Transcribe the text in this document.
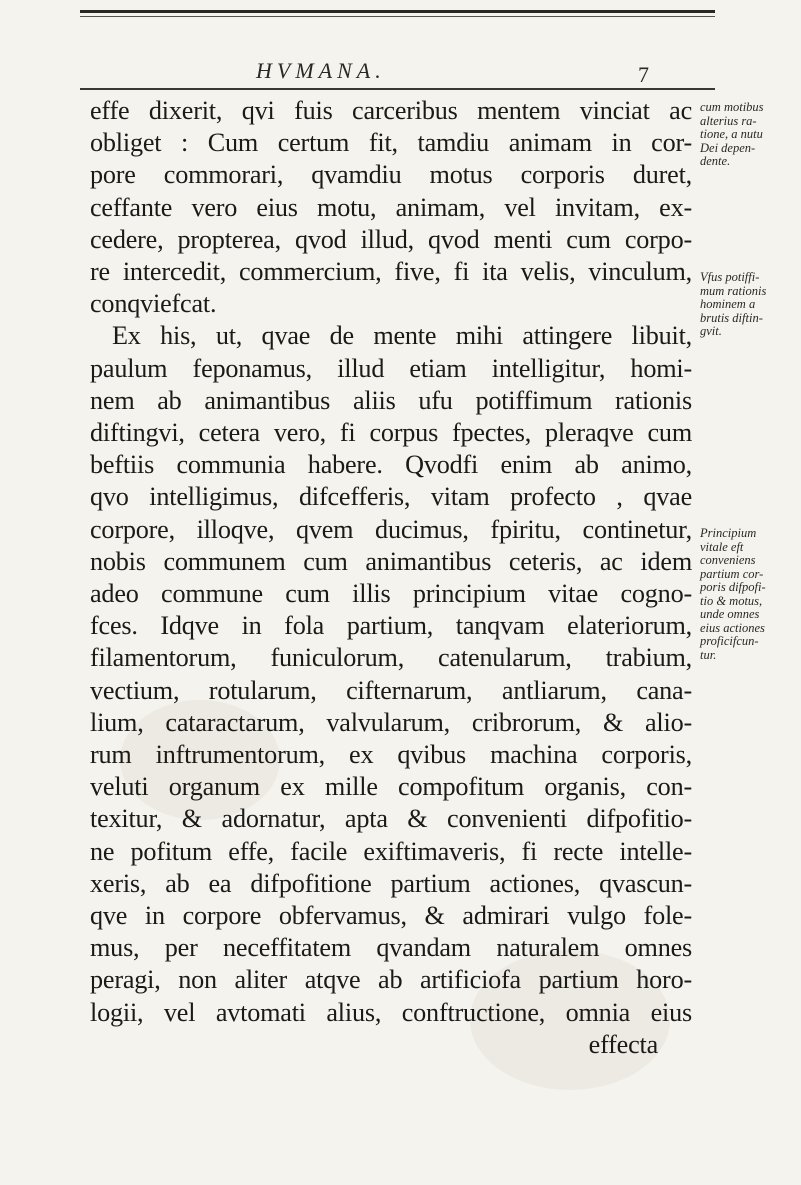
HVMANA.	7
effe dixerit, qvi fuis carceribus mentem vinciat ac
obliget : Cum certum fit, tamdiu animam in cor-
pore commorari, qvamdiu motus corporis duret,
ceffante vero eius motu, animam, vel invitam, ex-
cedere, propterea, qvod illud, qvod menti cum corpo-
re intercedit, commercium, five, fi ita velis, vinculum,
conqviefcat.
Ex his, ut, qvae de mente mihi attingere libuit,
paulum feponamus, illud etiam intelligitur, homi-
nem ab animantibus aliis ufu potiffimum rationis
diftingvi, cetera vero, fi corpus fpectes, pleraqve cum
beftiis communia habere. Qvodfi enim ab animo,
qvo intelligimus, difcefferis, vitam profecto , qvae
corpore, illoqve, qvem ducimus, fpiritu, continetur,
nobis communem cum animantibus ceteris, ac idem
adeo commune cum illis principium vitae cogno-
fces. Idqve in fola partium, tanqvam elateriorum,
filamentorum, funiculorum, catenularum, trabium,
vectium, rotularum, cifternarum, antliarum, cana-
lium, cataractarum, valvularum, cribrorum, & alio-
rum inftrumentorum, ex qvibus machina corporis,
veluti organum ex mille compofitum organis, con-
texitur, & adornatur, apta & convenienti difpofitio-
ne pofitum effe, facile exiftimaveris, fi recte intelle-
xeris, ab ea difpofitione partium actiones, qvascun-
qve in corpore obfervamus, & admirari vulgo fole-
mus, per neceffitatem qvandam naturalem omnes
peragi, non aliter atqve ab artificiofa partium horo-
logii, vel avtomati alius, conftructione, omnia eius
effecta
cum motibus
alterius ra-
tione, a nutu
Dei depen-
dente.
Vfus potiffi-
mum rationis
hominem a
brutis diftin-
gvit.
Principium
vitale eft
conveniens
partium cor-
poris difpofi-
tio & motus,
unde omnes
eius actiones
proficifcun-
tur.
